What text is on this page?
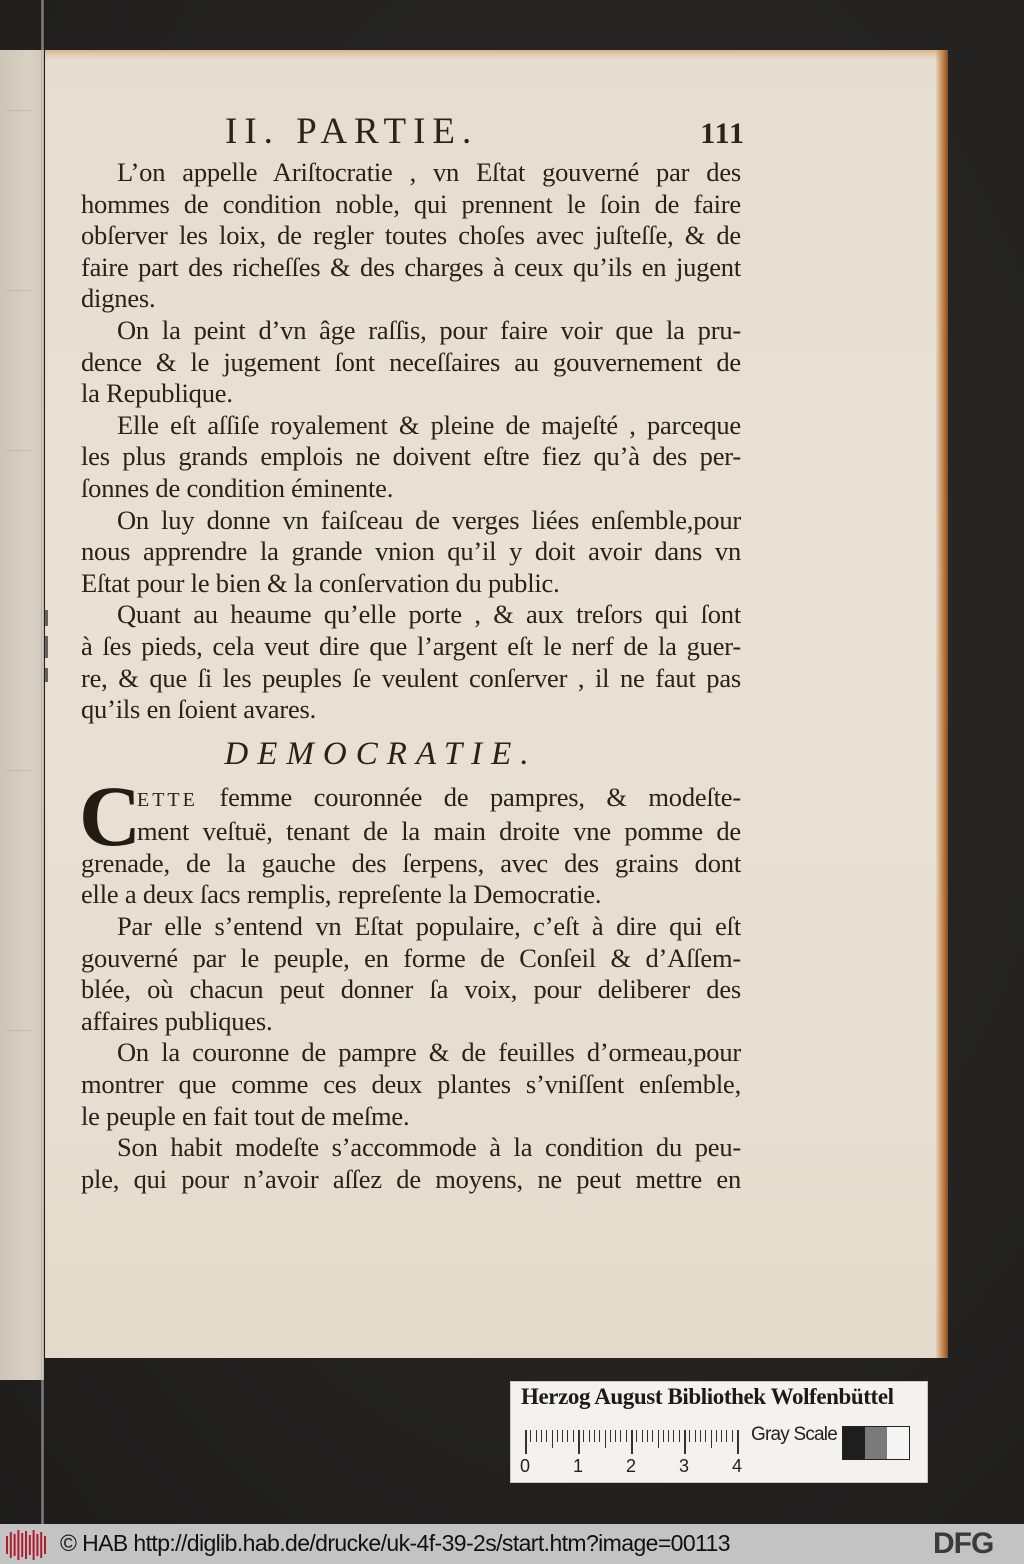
II. PARTIE.	111
L’on appelle Ariſtocratie , vn Eſtat gouverné par des
hommes de condition noble, qui prennent le ſoin de faire
obſerver les loix, de regler toutes choſes avec juſteſſe, & de
faire part des richeſſes & des charges à ceux qu’ils en jugent
dignes.
On la peint d’vn âge raſſis, pour faire voir que la pru-
dence & le jugement ſont neceſſaires au gouvernement de
la Republique.
Elle eſt aſſiſe royalement & pleine de majeſté , parceque
les plus grands emplois ne doivent eſtre fiez qu’à des per-
ſonnes de condition éminente.
On luy donne vn faiſceau de verges liées enſemble,pour
nous apprendre la grande vnion qu’il y doit avoir dans vn
Eſtat pour le bien & la conſervation du public.
Quant au heaume qu’elle porte , & aux treſors qui ſont
à ſes pieds, cela veut dire que l’argent eſt le nerf de la guer-
re, & que ſi les peuples ſe veulent conſerver , il ne faut pas
qu’ils en ſoient avares.
DEMOCRATIE.
C
ETTE femme couronnée de pampres, & modeſte-
ment veſtuë, tenant de la main droite vne pomme de
grenade, de la gauche des ſerpens, avec des grains dont
elle a deux ſacs remplis, repreſente la Democratie.
Par elle s’entend vn Eſtat populaire, c’eſt à dire qui eſt
gouverné par le peuple, en forme de Conſeil & d’Aſſem-
blée, où chacun peut donner ſa voix, pour deliberer des
affaires publiques.
On la couronne de pampre & de feuilles d’ormeau,pour
montrer que comme ces deux plantes s’vniſſent enſemble,
le peuple en fait tout de meſme.
Son habit modeſte s’accommode à la condition du peu-
ple, qui pour n’avoir aſſez de moyens, ne peut mettre en
Herzog August Bibliothek Wolfenbüttel
0 1 2 3 4
Gray Scale
© HAB http://diglib.hab.de/drucke/uk-4f-39-2s/start.htm?image=00113	DFG
